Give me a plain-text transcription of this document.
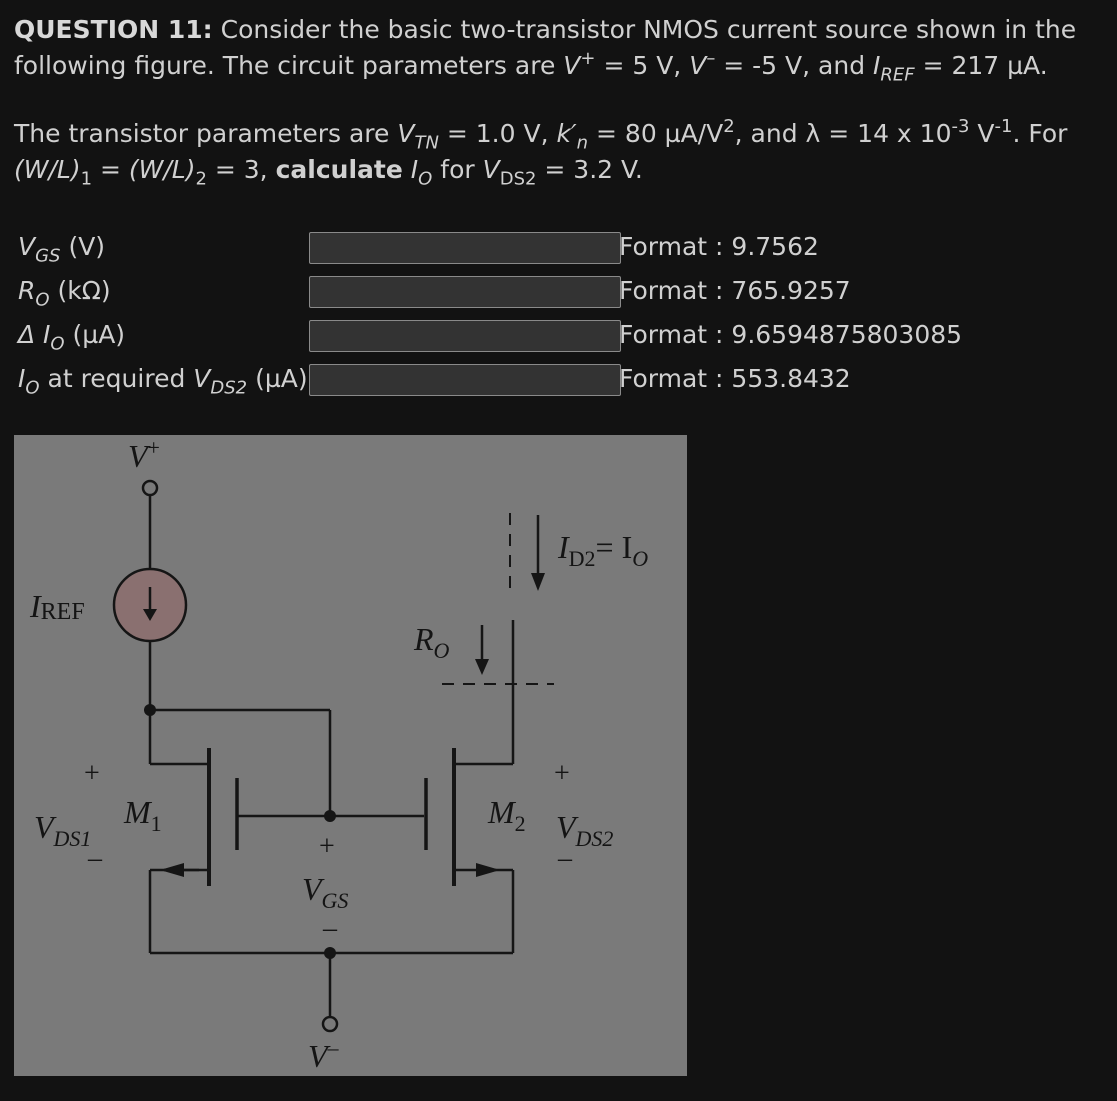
QUESTION 11: Consider the basic two-transistor NMOS current source shown in the following figure. The circuit parameters are V+ = 5 V, V– = -5 V, and $I_{REF} = 217$ µA.

The transistor parameters are $V_{TN} = 1.0$ V, $k'_n = 80$ $\mu A/V^2$, and λ = 14 x $10^{-3}$ $V^{-1}$. For $(W/L)_1 = (W/L)_2 = 3$, calculate $I_O$ for $V_{DS2} = 3.2$ V.

$V_{GS}$ (V)	Format : 9.7562
$R_O$ (kΩ)	Format : 765.9257
Δ $I_O$ (µA)	Format : 9.6594875803085
$I_O$ at required $V_{DS2}$ (µA)	Format : 553.8432
V+
IREF
$R_O$
$I_{D2}= I_O$
$M_1$	$M_2$
$V_{DS1}$	$V_{DS2}$
$V_{GS}$
V–
+
–
+
–
+
–
